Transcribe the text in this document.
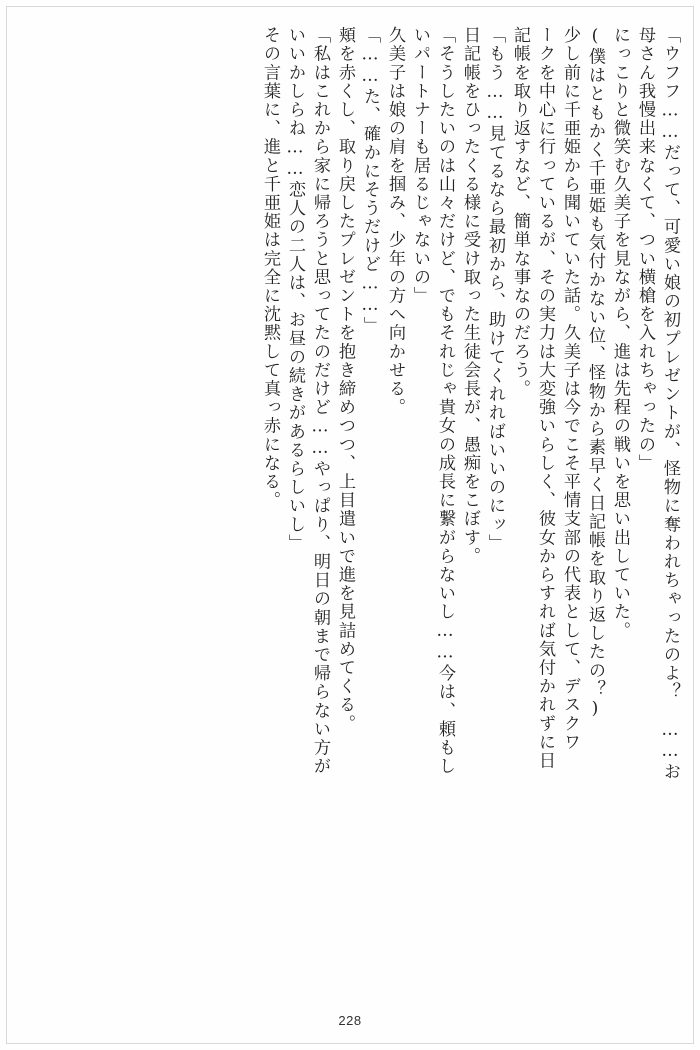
「ウフフ……だって、可愛い娘の初プレゼントが、怪物に奪われちゃったのよ？　……お
母さん我慢出来なくて、つい横槍を入れちゃったの」
にっこりと微笑む久美子を見ながら、進は先程の戦いを思い出していた。
(僕はともかく千亜姫も気付かない位、怪物から素早く日記帳を取り返したの？)
少し前に千亜姫から聞いていた話。久美子は今でこそ平情支部の代表として、デスクワ
ークを中心に行っているが、その実力は大変強いらしく、彼女からすれば気付かれずに日
記帳を取り返すなど、簡単な事なのだろう。
「もう……見てるなら最初から、助けてくれればいいのにッ」
日記帳をひったくる様に受け取った生徒会長が、愚痴をこぼす。
「そうしたいのは山々だけど、でもそれじゃ貴女の成長に繋がらないし……今は、頼もし
いパートナーも居るじゃないの」
久美子は娘の肩を掴み、少年の方へ向かせる。
「……た、確かにそうだけど……」
頬を赤くし、取り戻したプレゼントを抱き締めつつ、上目遣いで進を見詰めてくる。
「私はこれから家に帰ろうと思ってたのだけど……やっぱり、明日の朝まで帰らない方が
いいかしらね……恋人の二人は、お昼の続きがあるらしいし」
その言葉に、進と千亜姫は完全に沈黙して真っ赤になる。
228
